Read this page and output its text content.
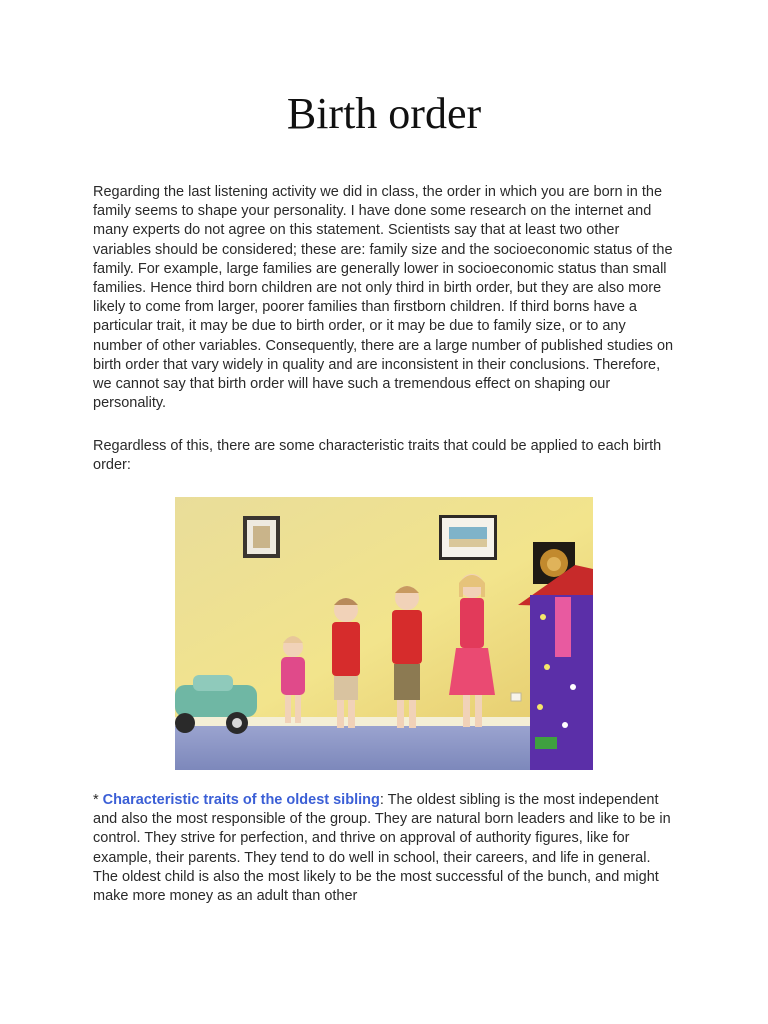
Birth order

Regarding the last listening activity we did in class, the order in which you are born in the family seems to shape your personality. I have done some research on the internet and many experts do not agree on this statement. Scientists say that at least two other variables should be considered; these are: family size and the socioeconomic status of the family. For example, large families are generally lower in socioeconomic status than small families. Hence third born children are not only third in birth order, but they are also more likely to come from larger, poorer families than firstborn children. If third borns have a particular trait, it may be due to birth order, or it may be due to family size, or to any number of other variables. Consequently, there are a large number of published studies on birth order that vary widely in quality and are inconsistent in their conclusions. Therefore, we cannot say that birth order will have such a tremendous effect on shaping our personality.

Regardless of this, there are some characteristic traits that could be applied to each birth order:

* Characteristic traits of the oldest sibling: The oldest sibling is the most independent and also the most responsible of the group. They are natural born leaders and like to be in control. They strive for perfection, and thrive on approval of authority figures, like for example, their parents. They tend to do well in school, their careers, and life in general. The oldest child is also the most likely to be the most successful of the bunch, and might make more money as an adult than other
